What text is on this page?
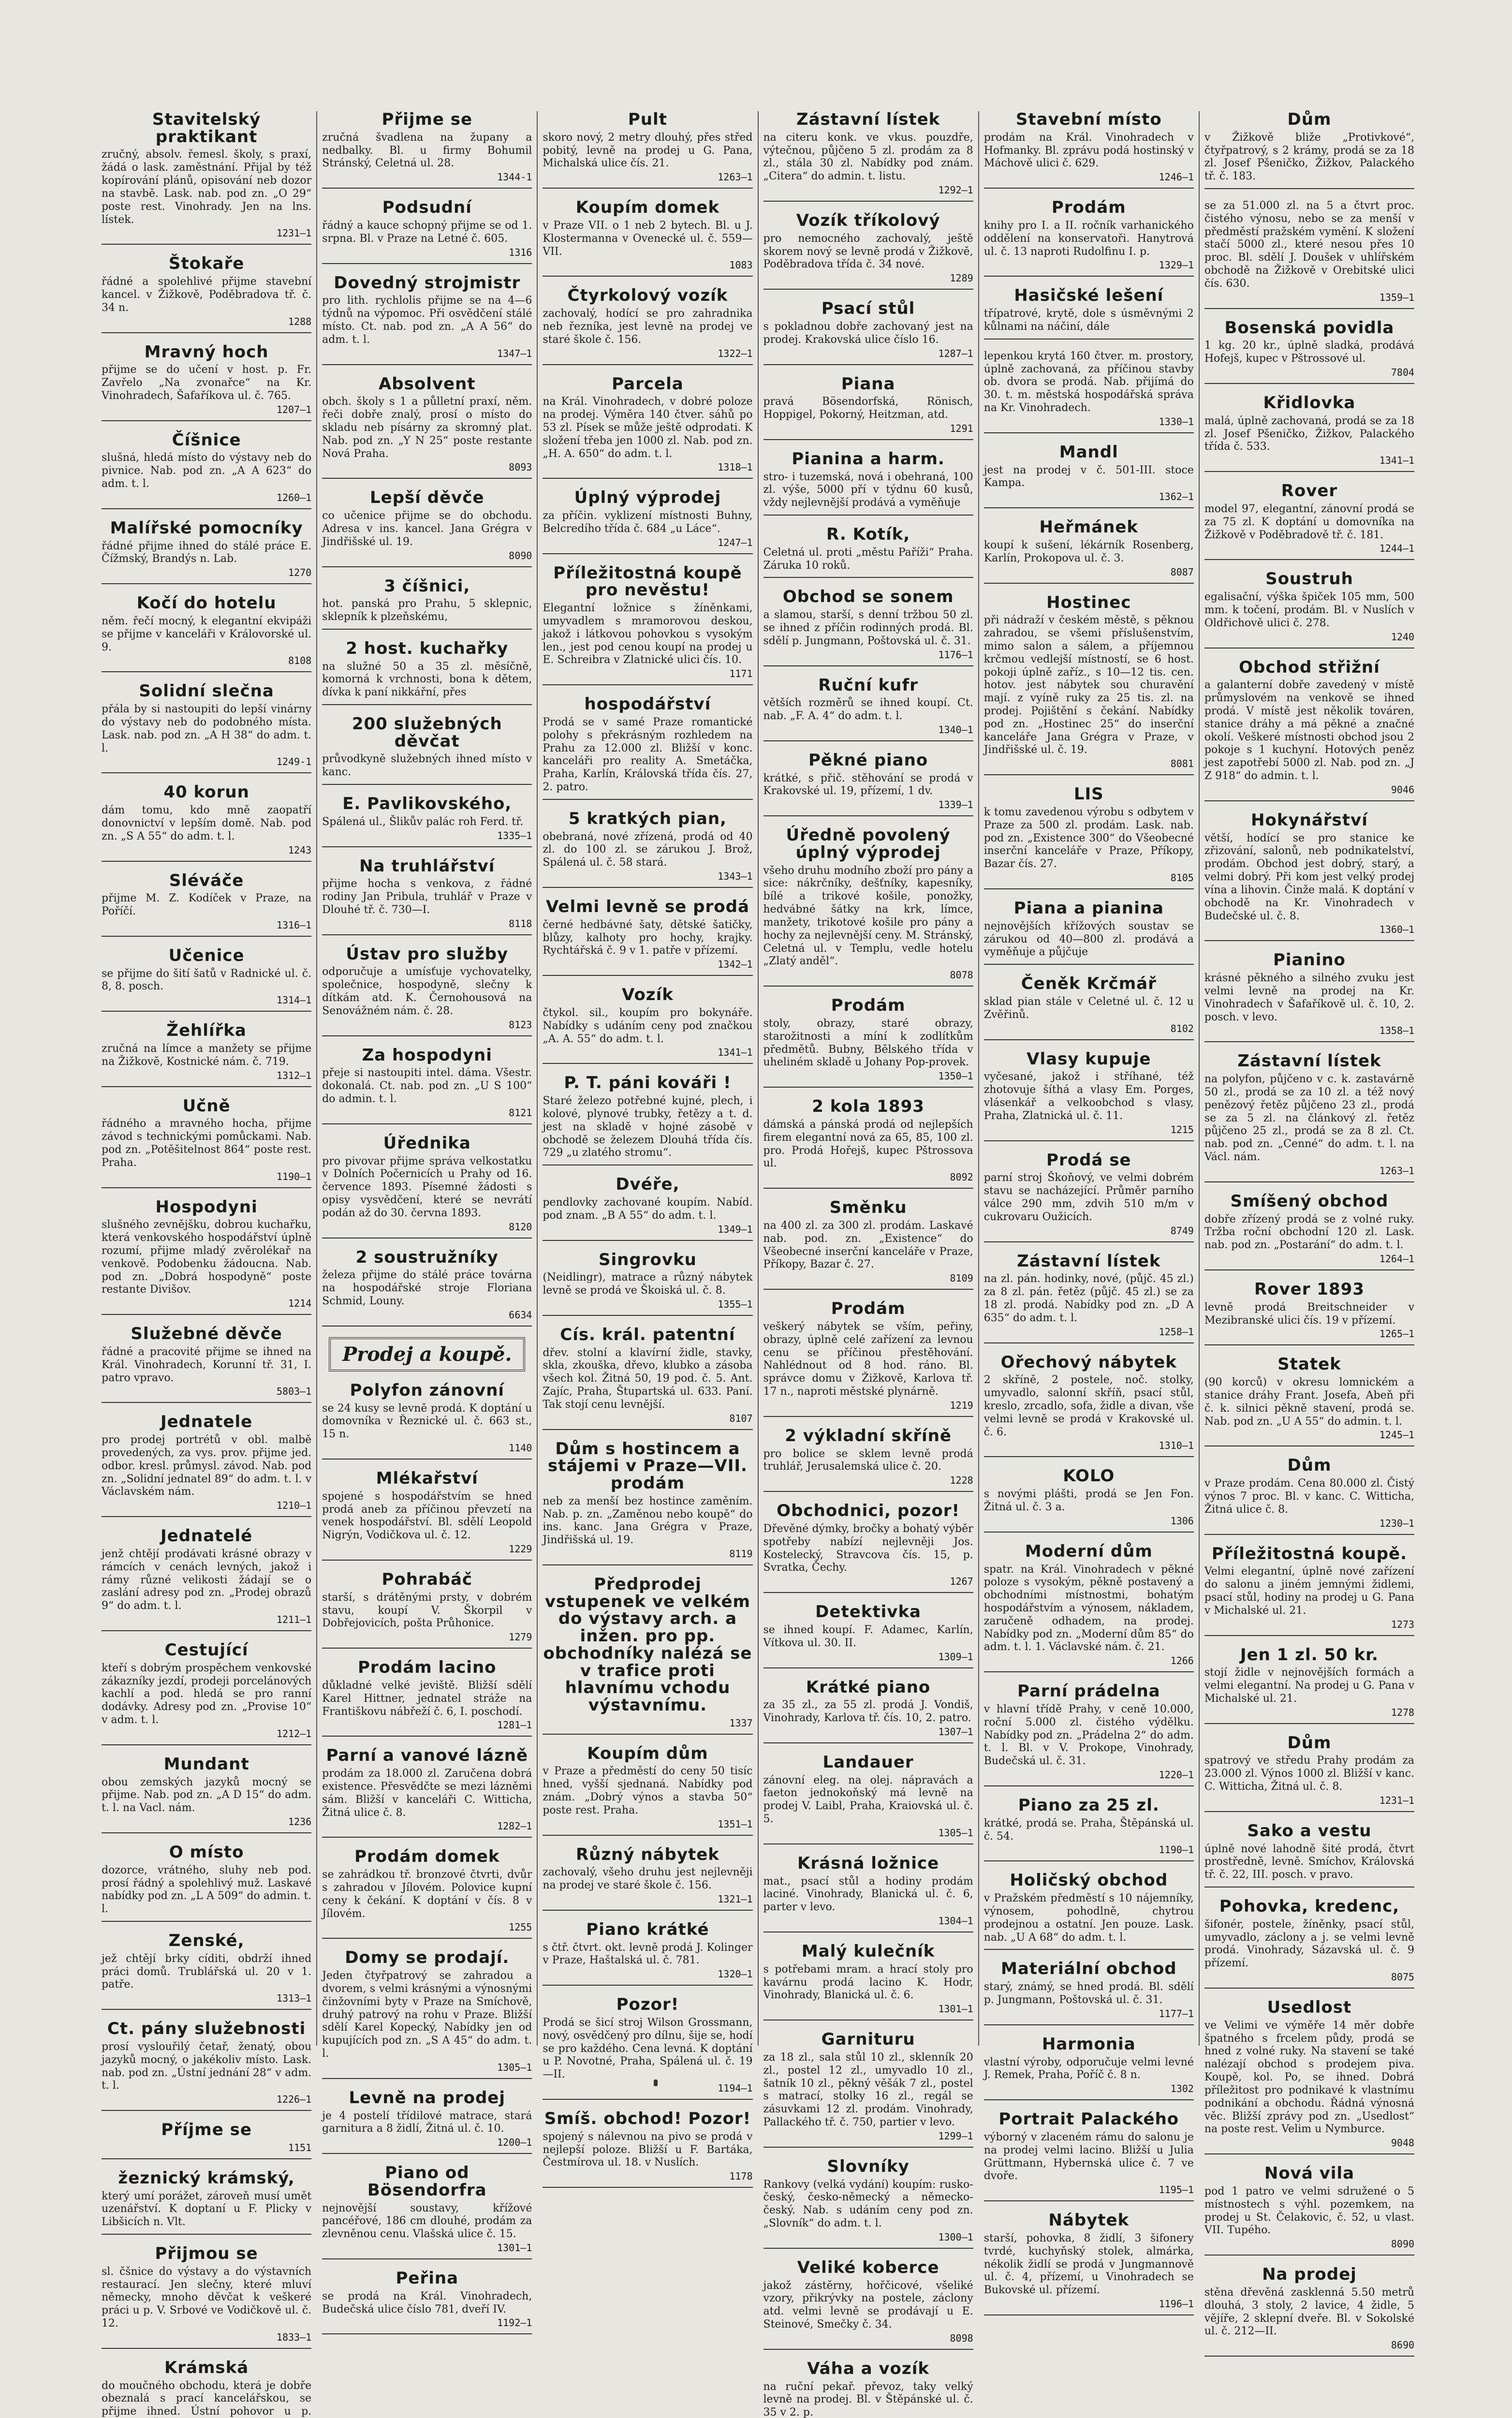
Stavitelský praktikant

zručný, absolv. řemesl. školy, s praxí, žádá o lask. zaměstnání. Přijal by též kopírování plánů, opisování neb dozor na stavbě. Lask. nab. pod zn. „O 29“ poste rest. Vinohrady. Jen na lns. lístek.

1231—1

Štokaře

řádné a spolehlivé přijme stavební kancel. v Žižkově, Poděbradova tř. č. 34 n.

1288

Mravný hoch

přijme se do učení v host. p. Fr. Zavřelo „Na zvonařce“ na Kr. Vinohradech, Šafaříkova ul. č. 765.

1207—1

Číšnice

slušná, hledá místo do výstavy neb do pivnice. Nab. pod zn. „A A 623“ do adm. t. l.

1260—1

Malířské pomocníky

řádné přijme ihned do stálé práce E. Čížmský, Brandýs n. Lab.

1270

Kočí do hotelu

něm. řečí mocný, k elegantní ekvipáži se přijme v kanceláři v Královorské ul. 9.

8108

Solidní slečna

přála by si nastoupiti do lepší vinárny do výstavy neb do podobného místa. Lask. nab. pod zn. „A H 38“ do adm. t. l.

1249-1

40 korun

dám tomu, kdo mně zaopatří donovnictví v lepším domě. Nab. pod zn. „S A 55“ do adm. t. l.

1243

Sléváče

přijme M. Z. Kodíček v Praze, na Poříčí.

1316—1

Učenice

se přijme do šití šatů v Radnické ul. č. 8, 8. posch.

1314—1

Žehlířka

zručná na límce a manžety se přijme na Žižkově, Kostnické nám. č. 719.

1312—1

Učně

řádného a mravného hocha, přijme závod s technickými pomůckami. Nab. pod zn. „Potěšitelnost 864“ poste rest. Praha.

1190—1

Hospodyni

slušného zevnějšku, dobrou kuchařku, která venkovského hospodářství úplně rozumí, přijme mladý zvěrolékař na venkově. Podobenku žádoucna. Nab. pod zn. „Dobrá hospodyně“ poste restante Divišov.

1214

Služebné děvče

řádné a pracovité přijme se ihned na Král. Vinohradech, Korunní tř. 31, I. patro vpravo.

5803—1

Jednatele

pro prodej portrétů v obl. malbě provedených, za vys. prov. přijme jed. odbor. kresl. průmysl. závod. Nab. pod zn. „Solidní jednatel 89“ do adm. t. l. v Václavském nám.

1210—1

Jednatelé

jenž chtějí prodávati krásné obrazy v rámcích v cenách levných, jakož i rámy různé velikosti žádají se o zaslání adresy pod zn. „Prodej obrazů 9“ do adm. t. l.

1211—1

Cestující

kteří s dobrým prospěchem venkovské zákazníky jezdí, prodeji porcelánových kachlí a pod. hledá se pro ranní dodávky. Adresy pod zn. „Provise 10“ v adm. t. l.

1212—1

Mundant

obou zemských jazyků mocný se přijme. Nab. pod zn. „A D 15“ do adm. t. l. na Vacl. nám.

1236

O místo

dozorce, vrátného, sluhy neb pod. prosí řádný a spolehlivý muž. Laskavé nabídky pod zn. „L A 509“ do admin. t. l.

Zenské,

jež chtějí brky cíditi, obdrží ihned práci domů. Trublářská ul. 20 v 1. patře.

1313—1

Ct. pány služebnosti

prosí vyslouřilý četař, ženatý, obou jazyků mocný, o jakékoliv místo. Lask. nab. pod zn. „Ústní jednání 28“ v adm. t. l.

1226—1

Příjme se

1151

žeznický krámský,

který umí porážet, zároveň musí umět uzenářství. K doptaní u F. Plicky v Libšicích n. Vlt.

Přijmou se

sl. čšnice do výstavy a do výstavních restaurací. Jen slečny, které mluví německy, mnoho děvčat k veškeré práci u p. V. Srbové ve Vodičkově ul. č. 12.

1833—1

Krámská

do moučného obchodu, která je dobře obeznalá s prací kancelářskou, se přijme ihned. Ústní pohovor u p.

Přijme se

zručná švadlena na župany a nedbalky. Bl. u firmy Bohumil Stránský, Celetná ul. 28.

1344-1

Podsudní

řádný a kauce schopný přijme se od 1. srpna. Bl. v Praze na Letné č. 605.

1316

Dovedný strojmistr

pro lith. rychlolis přijme se na 4—6 týdnů na výpomoc. Při osvědčení stálé místo. Ct. nab. pod zn. „A A 56“ do adm. t. l.

1347—1

Absolvent

obch. školy s 1 a půlletní praxí, něm. řeči dobře znalý, prosí o místo do skladu neb písárny za skromný plat. Nab. pod zn. „Y N 25“ poste restante Nová Praha.

8093

Lepší děvče

co učenice přijme se do obchodu. Adresa v ins. kancel. Jana Grégra v Jindřišské ul. 19.

8090

3 číšnici,

hot. panská pro Prahu, 5 sklepnic, sklepník k plzeňskému,

2 host. kuchařky

na služné 50 a 35 zl. měsíčně, komorná k vrchnosti, bona k dětem, dívka k paní nikkářní, přes

200 služebných děvčat

průvodkyně služebných ihned místo v kanc.

E. Pavlikovského,

Spálená ul., Šlikův palác roh Ferd. tř.

1335—1

Na truhlářství

přijme hocha s venkova, z řádné rodiny Jan Pribula, truhlář v Praze v Dlouhé tř. č. 730—I.

8118

Ústav pro služby

odporučuje a umísťuje vychovatelky, společnice, hospodyně, slečny k dítkám atd. K. Černohousová na Senovážném nám. č. 28.

8123

Za hospodyni

přeje si nastoupiti intel. dáma. Všestr. dokonalá. Ct. nab. pod zn. „U S 100“ do admin. t. l.

8121

Úřednika

pro pivovar přijme správa velkostatku v Dolních Počernicích u Prahy od 16. července 1893. Písemné žádosti s opisy vysvědčení, které se nevrátí podán až do 30. června 1893.

8120

2 soustružníky

železa přijme do stálé práce továrna na hospodářské stroje Floriana Schmid, Louny.

6634

Prodej a koupě.
Polyfon zánovní

se 24 kusy se levně prodá. K doptání u domovníka v Řeznické ul. č. 663 st., 15 n.

1140

Mlékařství

spojené s hospodářstvím se hned prodá aneb za příčinou převzetí na venek hospodářství. Bl. sdělí Leopold Nigrýn, Vodičkova ul. č. 12.

1229

Pohrabáč

starší, s drátěnými prsty, v dobrém stavu, koupí V. Škorpil v Dobřejovicích, pošta Průhonice.

1279

Prodám lacino

důkladné velké jeviště. Bližší sdělí Karel Hittner, jednatel stráže na Františkovu nábřeží č. 6, I. poschodí.

1281—1

Parní a vanové lázně

prodám za 18.000 zl. Zaručena dobrá existence. Přesvědčte se mezi lázněmi sám. Bližší v kanceláři C. Witticha, Žitná ulice č. 8.

1282—1

Prodám domek

se zahrádkou tř. bronzové čtvrti, dvůr s zahradou v Jílovém. Polovice kupní ceny k čekání. K doptání v čís. 8 v Jílovém.

1255

Domy se prodají.

Jeden čtyřpatrový se zahradou a dvorem, s velmi krásnými a výnosnými činžovními byty v Praze na Smíchově, druhý patrový na rohu v Praze. Bližší sdělí Karel Kopecký, Nabídky jen od kupujících pod zn. „S A 45“ do adm. t. l.

1305—1

Levně na prodej

je 4 postelí třídilové matrace, stará garnitura a 8 židlí, Žitná ul. č. 10.

1200—1

Piano od Bösendorfra

nejnovější soustavy, křížové pancéřové, 186 cm dlouhé, prodám za zlevněnou cenu. Vlašská ulice č. 15.

1301—1

Peřina

se prodá na Král. Vinohradech, Budečská ulice číslo 781, dveří IV.

1192—1

Pult

skoro nový, 2 metry dlouhý, přes střed pobitý, levně na prodej u G. Pana, Michalská ulice čís. 21.

1263—1

Koupím domek

v Praze VII. o 1 neb 2 bytech. Bl. u J. Klostermanna v Ovenecké ul. č. 559—VII.

1083

Čtyrkolový vozík

zachovalý, hodící se pro zahradnika neb řezníka, jest levně na prodej ve staré škole č. 156.

1322—1

Parcela

na Král. Vinohradech, v dobré poloze na prodej. Výměra 140 čtver. sáhů po 53 zl. Písek se může ještě odprodati. K složení třeba jen 1000 zl. Nab. pod zn. „H. A. 650“ do adm. t. l.

1318—1

Úplný výprodej

za příčin. vyklizení místnosti Buhny, Belcredího třída č. 684 „u Láce“.

1247—1

Příležitostná koupě pro nevěstu!

Elegantní ložnice s žíněnkami, umyvadlem s mramorovou deskou, jakož i látkovou pohovkou s vysokým len., jest pod cenou koupí na prodej u E. Schreibra v Zlatnické ulici čís. 10.

1171

hospodářství

Prodá se v samé Praze romantické polohy s překrásným rozhledem na Prahu za 12.000 zl. Bližší v konc. kanceláři pro reality A. Smetáčka, Praha, Karlín, Královská třída čís. 27, 2. patro.

5 kratkých pian,

obebraná, nové zřízená, prodá od 40 zl. do 100 zl. se zárukou J. Brož, Spálená ul. č. 58 stará.

1343—1

Velmi levně se prodá

černé hedbávné šaty, dětské šatičky, blůzy, kalhoty pro hochy, krajky. Rychtářská č. 9 v 1. patře v přízemí.

1342—1

Vozík

čtykol. sil., koupím pro bokynáře. Nabídky s udáním ceny pod značkou „A. A. 55“ do adm. t. l.

1341—1

P. T. páni kováři !

Staré železo potřebné kujné, plech, i kolové, plynové trubky, řetězy a t. d. jest na skladě v hojné zásobě v obchodě se železem Dlouhá třída čís. 729 „u zlatého stromu“.

Dvéře,

pendlovky zachované koupím. Nabíd. pod znam. „B A 55“ do adm. t. l.

1349—1

Singrovku

(Neidlingr), matrace a různý nábytek levně se prodá ve Škoiská ul. č. 8.

1355—1

Cís. král. patentní

dřev. stolní a klavírní židle, stavky, skla, zkouška, dřevo, klubko a zásoba všech kol. Žitná 50, 19 pod. č. 5. Ant. Zajíc, Praha, Štupartská ul. 633. Paní. Tak stojí cenu levnější.

8107

Dům s hostincem a stájemi v Praze—VII. prodám

neb za menší bez hostince zaměním. Nab. p. zn. „Zaměnou nebo koupě“ do ins. kanc. Jana Grégra v Praze, Jindřišská ul. 19.

8119

Předprodej vstupenek ve velkém do výstavy arch. a inžen. pro pp. obchodníky nalézá se v trafice proti hlavnímu vchodu výstavnímu.

1337

Koupím dům

v Praze a předměstí do ceny 50 tisíc hned, vyšší sjednaná. Nabídky pod znám. „Dobrý výnos a stavba 50“ poste rest. Praha.

1351—1

Různý nábytek

zachovalý, všeho druhu jest nejlevněji na prodej ve staré škole č. 156.

1321—1

Piano krátké

s čtř. čtvrt. okt. levně prodá J. Kolinger v Praze, Haštalská ul. č. 781.

1320—1

Pozor!

Prodá se šicí stroj Wilson Grossmann, nový, osvědčený pro dílnu, šije se, hodí se pro každého. Cena levná. K doptání u P. Novotné, Praha, Spálená ul. č. 19—II.

1194—1

Smíš. obchod! Pozor!

spojený s nálevnou na pivo se prodá v nejlepší poloze. Bližší u F. Bartáka, Čestmírova ul. 18. v Nuslích.

1178

Zástavní lístek

na citeru konk. ve vkus. pouzdře, výtečnou, půjčeno 5 zl. prodám za 8 zl., stála 30 zl. Nabídky pod znám. „Citera“ do admin. t. listu.

1292—1

Vozík tříkolový

pro nemocného zachovalý, ještě skorem nový se levně prodá v Žižkově, Poděbradova třída č. 34 nové.

1289

Psací stůl

s pokladnou dobře zachovaný jest na prodej. Krakovská ulice číslo 16.

1287—1

Piana

pravá Bösendorfská, Rönisch, Hoppigel, Pokorný, Heitzman, atd.

1291

Pianina a harm.

stro- i tuzemská, nová i obehraná, 100 zl. výše, 5000 pří v týdnu 60 kusů, vždy nejlevnější prodává a vyměňuje

R. Kotík,

Celetná ul. proti „městu Paříži“ Praha. Záruka 10 roků.

Obchod se sonem

a slamou, starší, s denní tržbou 50 zl. se ihned z příčin rodinných prodá. Bl. sdělí p. Jungmann, Poštovská ul. č. 31.

1176—1

Ruční kufr

větších rozměrů se ihned koupí. Ct. nab. „F. A. 4“ do adm. t. l.

1340—1

Pěkné piano

krátké, s přič. stěhování se prodá v Krakovské ul. 19, přízemí, 1 dv.

1339—1

Úředně povolený úplný výprodej

všeho druhu modního zboží pro pány a sice: nákrčníky, dešťníky, kapesníky, bílé a trikové košile, ponožky, hedvábné šátky na krk, límce, manžety, trikotové košile pro pány a hochy za nejlevnější ceny. M. Stránský, Celetná ul. v Templu, vedle hotelu „Zlatý anděl“.

8078

Prodám

stoly, obrazy, staré obrazy, starožitnosti a míní k zodlítkům předmětů. Bubny, Bělského třída v uheliném skladě u Johany Pop-provek.

1350—1

2 kola 1893

dámská a pánská prodá od nejlepších firem elegantní nová za 65, 85, 100 zl. pro. Prodá Hořejš, kupec Pštrossova ul.

8092

Směnku

na 400 zl. za 300 zl. prodám. Laskavé nab. pod. zn. „Existence“ do Všeobecné inserční kanceláře v Praze, Příkopy, Bazar č. 27.

8109

Prodám

veškerý nábytek se vším, peřiny, obrazy, úplně celé zařízení za levnou cenu se příčinou přestěhování. Nahlédnout od 8 hod. ráno. Bl. správce domu v Žižkově, Karlova tř. 17 n., naproti městské plynárně.

1219

2 výkladní skříně

pro bolice se sklem levně prodá truhlář, Jerusalemská ulice č. 20.

1228

Obchodnici, pozor!

Dřevěné dýmky, bročky a bohatý výběr spotřeby nabízí nejlevněji Jos. Kostelecký, Stravcova čís. 15, p. Svratka, Čechy.

1267

Detektivka

se ihned koupí. F. Adamec, Karlín, Vítkova ul. 30. II.

1309—1

Krátké piano

za 35 zl., za 55 zl. prodá J. Vondiš, Vinohrady, Karlova tř. čís. 10, 2. patro.

1307—1

Landauer

zánovní eleg. na olej. nápravách a faeton jednokoňský má levně na prodej V. Laibl, Praha, Kraiovská ul. č. 5.

1305—1

Krásná ložnice

mat., psací stůl a hodiny prodám laciné. Vinohrady, Blanická ul. č. 6, parter v levo.

1304—1

Malý kulečník

s potřebami mram. a hrací stoly pro kavárnu prodá lacino K. Hodr, Vinohrady, Blanická ul. č. 6.

1301—1

Garnituru

za 18 zl., sala stůl 10 zl., sklenník 20 zl., postel 12 zl., umyvadlo 10 zl., šatník 10 zl., pěkný věšák 7 zl., postel s matrací, stolky 16 zl., regál se zásuvkami 12 zl. prodám. Vinohrady, Pallackého tř. č. 750, partier v levo.

1299—1

Slovníky

Rankovy (velká vydání) koupím: rusko-český, česko-německý a německo-český. Nab. s udáním ceny pod zn. „Slovník“ do adm. t. l.

1300—1

Veliké koberce

jakož zástěrny, hořčicové, všeliké vzory, přikrývky na postele, záclony atd. velmi levně se prodávají u E. Steinové, Smečky č. 34.

8098

Váha a vozík

na ruční pekař. převoz, taky velký levně na prodej. Bl. v Štěpánské ul. č. 35 v 2. p.

Stavební místo

prodám na Král. Vinohradech v Hofmanky. Bl. zprávu podá hostinský v Máchově ulici č. 629.

1246—1

Prodám

knihy pro I. a II. ročník varhanického oddělení na konservatoři. Hanytrová ul. č. 13 naproti Rudolfinu I. p.

1329—1

Hasičské lešení

třípatrové, krytě, dole s úsměvnými 2 kůlnami na náčiní, dále

lepenkou krytá 160 čtver. m. prostory, úplně zachovaná, za příčinou stavby ob. dvora se prodá. Nab. přijímá do 30. t. m. městská hospodářská správa na Kr. Vinohradech.

1330—1

Mandl

jest na prodej v č. 501-III. stoce Kampa.

1362—1

Heřmánek

koupí k sušení, lékárník Rosenberg, Karlín, Prokopova ul. č. 3.

8087

Hostinec

při nádraží v českém městě, s pěknou zahradou, se všemi příslušenstvím, mimo salon a sálem, a příjemnou krčmou vedlejší místností, se 6 host. pokoji úplně zaříz., s 10—12 tis. cen. hotov. jest nábytek sou churavění mají. z vyíně ruky za 25 tis. zl. na prodej. Pojištění s čekání. Nabídky pod zn. „Hostinec 25“ do inserční kanceláře Jana Grégra v Praze, v Jindřišské ul. č. 19.

8081

LIS

k tomu zavedenou výrobu s odbytem v Praze za 500 zl. prodám. Lask. nab. pod zn. „Existence 300“ do Všeobecné inserční kanceláře v Praze, Příkopy, Bazar čís. 27.

8105

Piana a pianina

nejnovějších křížových soustav se zárukou od 40—800 zl. prodává a vyměňuje a půjčuje

Čeněk Krčmář

sklad pian stále v Celetné ul. č. 12 u Zvěřinů.

8102

Vlasy kupuje

vyčesané, jakož i stříhané, též zhotovuje šíthá a vlasy Em. Porges, vlásenkář a velkoobchod s vlasy, Praha, Zlatnická ul. č. 11.

1215

Prodá se

parní stroj Škoňový, ve velmi dobrém stavu se nacházející. Průměr parního válce 290 mm, zdvih 510 m/m v cukrovaru Oužicích.

8749

Zástavní lístek

na zl. pán. hodinky, nové, (půjč. 45 zl.) za 8 zl. pán. řetěz (půjč. 45 zl.) se za 18 zl. prodá. Nabídky pod zn. „D A 635“ do adm. t. l.

1258—1

Ořechový nábytek

2 skříně, 2 postele, noč. stolky, umyvadlo, salonní skříň, psací stůl, kreslo, zrcadlo, sofa, židle a divan, vše velmi levně se prodá v Krakovské ul. č. 6.

1310—1

KOLO

s novými plášti, prodá se Jen Fon. Žitná ul. č. 3 a.

1306

Moderní dům

spatr. na Král. Vinohradech v pěkné poloze s vysokým, pěkně postavený a obchodními místnostmi, bohatým hospodářstvím a výnosem, nákladem, zaručeně odhadem, na prodej. Nabídky pod zn. „Moderní dům 85“ do adm. t. l. 1. Václavské nám. č. 21.

1266

Parní prádelna

v hlavní třídě Prahy, v ceně 10.000, roční 5.000 zl. čistého výdělku. Nabídky pod zn. „Prádelna 2“ do adm. t. l. Bl. v V. Prokope, Vinohrady, Budečská ul. č. 31.

1220—1

Piano za 25 zl.

krátké, prodá se. Praha, Štěpánská ul. č. 54.

1190—1

Holičský obchod

v Pražském předměstí s 10 nájemníky, výnosem, pohodlně, chytrou prodejnou a ostatní. Jen pouze. Lask. nab. „U A 68“ do adm. t. l.

Materiální obchod

starý, známý, se hned prodá. Bl. sdělí p. Jungmann, Poštovská ul. č. 31.

1177—1

Harmonia

vlastní výroby, odporučuje velmi levné J. Remek, Praha, Poříč č. 8 n.

1302

Portrait Palackého

výborný v zlaceném rámu do salonu je na prodej velmi lacino. Bližší u Julia Grüttmann, Hybernská ulice č. 7 ve dvoře.

1195—1

Nábytek

starší, pohovka, 8 židlí, 3 šifonery tvrdé, kuchyňský stolek, almárka, nékolik židlí se prodá v Jungmannově ul. č. 4, přízemí, u Vinohradech se Bukovské ul. přízemí.

1196—1

Dům

v Žižkově bliže „Protivkové“, čtyřpatrový, s 2 krámy, prodá se za 18 zl. Josef Pšeničko, Žižkov, Palackého tř. č. 183.

se za 51.000 zl. na 5 a čtvrt proc. čistého výnosu, nebo se za menší v předměstí pražském vymění. K složení stačí 5000 zl., které nesou přes 10 proc. Bl. sdělí J. Doušek v uhlířském obchodě na Žižkově v Orebitské ulici čís. 630.

1359—1

Bosenská povidla

1 kg. 20 kr., úplně sladká, prodává Hofejš, kupec v Pštrossové ul.

7804

Křidlovka

malá, úplně zachovaná, prodá se za 18 zl. Josef Pšeničko, Žižkov, Palackého třída č. 533.

1341—1

Rover

model 97, elegantní, zánovní prodá se za 75 zl. K doptání u domovníka na Žižkově v Poděbradově tř. č. 181.

1244—1

Soustruh

egalisační, výška špiček 105 mm, 500 mm. k točení, prodám. Bl. v Nuslích v Oldřichově ulici č. 278.

1240

Obchod střižní

a galanterní dobře zavedený v místě průmyslovém na venkově se ihned prodá. V místě jest několik továren, stanice dráhy a má pěkné a značné okolí. Veškeré místnosti obchod jsou 2 pokoje s 1 kuchyní. Hotových peněz jest zapotřebí 5000 zl. Nab. pod zn. „J Z 918“ do admin. t. l.

9046

Hokynářství

větší, hodící se pro stanice ke zřizování, salonů, neb podnikatelství, prodám. Obchod jest dobrý, starý, a velmi dobrý. Při kom jest velký prodej vína a lihovin. Činže malá. K doptání v obchodě na Kr. Vinohradech v Budečské ul. č. 8.

1360—1

Pianino

krásné pěkného a silného zvuku jest velmi levně na prodej na Kr. Vinohradech v Šafaříkově ul. č. 10, 2. posch. v levo.

1358—1

Zástavní lístek

na polyfon, půjčeno v c. k. zastavárně 50 zl., prodá se za 10 zl. a též nový penězový řetěz půjčeno 23 zl., prodá se za 5 zl. na článkový zl. řetěz půjčeno 25 zl., prodá se za 8 zl. Ct. nab. pod zn. „Cenné“ do adm. t. l. na Václ. nám.

1263—1

Smíšený obchod

dobře zřízený prodá se z volné ruky. Tržba roční obchodní 120 zl. Lask. nab. pod zn. „Postarání“ do adm. t. l.

1264—1

Rover 1893

levně prodá Breitschneider v Mezibranské ulici čís. 19 v přízemí.

1265—1

Statek

(90 korců) v okresu lomnickém a stanice dráhy Frant. Josefa, Abeň při č. k. silnici pěkně stavení, prodá se. Nab. pod zn. „U A 55“ do admin. t. l.

1245—1

Dům

v Praze prodám. Cena 80.000 zl. Čistý výnos 7 proc. Bl. v kanc. C. Witticha, Žitná ulice č. 8.

1230—1

Příležitostná koupě.

Velmi elegantní, úplně nové zařízení do salonu a jiném jemnými židlemi, psací stůl, hodiny na prodej u G. Pana v Michalské ul. 21.

1273

Jen 1 zl. 50 kr.

stojí židle v nejnovějších formách a velmi elegantní. Na prodej u G. Pana v Michalské ul. 21.

1278

Dům

spatrový ve středu Prahy prodám za 23.000 zl. Výnos 1000 zl. Bližší v kanc. C. Witticha, Žitná ul. č. 8.

1231—1

Sako a vestu

úplně nové lahodně šité prodá, čtvrt prostředně, levně. Smíchov, Královská tř. č. 22, III. posch. v pravo.

Pohovka, kredenc,

šifonér, postele, žíněnky, psací stůl, umyvadlo, záclony a j. se velmi levně prodá. Vinohrady, Sázavská ul. č. 9 přízemí.

8075

Usedlost

ve Velimi ve výměře 14 měr dobře špatného s frcelem půdy, prodá se hned z volné ruky. Na stavení se také nalézají obchod s prodejem piva. Koupě, kol. Po, se ihned. Dobrá příležitost pro podnikavé k vlastnímu podnikání a obchodu. Řádná výnosná věc. Bližší zprávy pod zn. „Usedlost“ na poste rest. Velim u Nymburce.

9048

Nová vila

pod 1 patro ve velmi sdružené o 5 místnostech s výhl. pozemkem, na prodej u St. Čelakovic, č. 52, u vlast. VII. Tupého.

8090

Na prodej

stěna dřevěná zasklenná 5.50 metrů dlouhá, 3 stoly, 2 lavice, 4 židle, 5 vějíře, 2 sklepní dveře. Bl. v Sokolské ul. č. 212—II.

8690
